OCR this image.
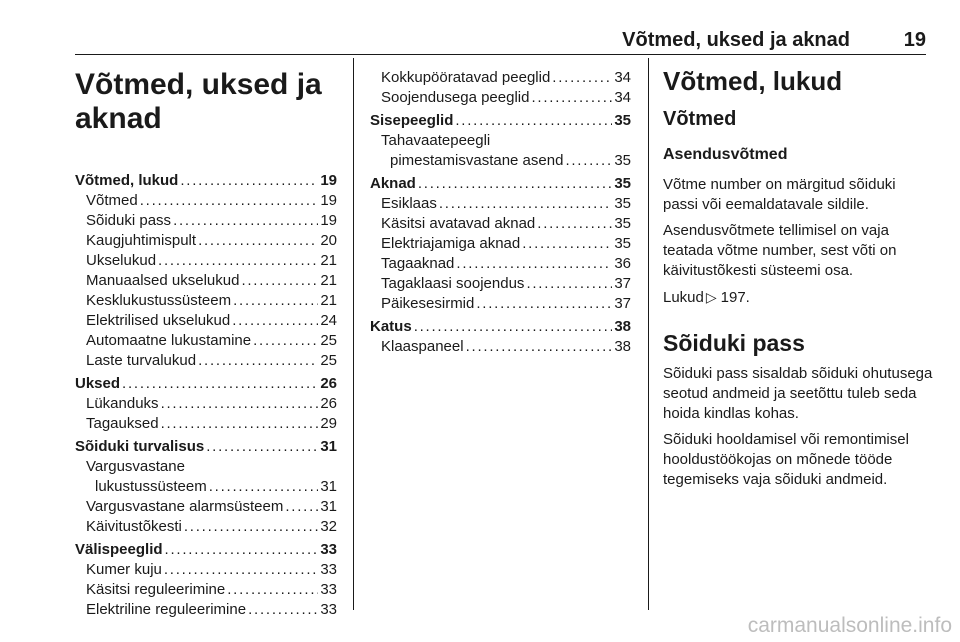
Võtmed, uksed ja aknad	19
Võtmed, uksed ja
aknad
Võtmed, lukud . . .	19
Võtmed . . .	19
Sõiduki pass . . .	19
Kaugjuhtimispult . . .	20
Ukselukud . . .	21
Manuaalsed ukselukud . . .	21
Kesklukustussüsteem . . .	21
Elektrilised ukselukud . . .	24
Automaatne lukustamine . . .	25
Laste turvalukud . . .	25
Uksed . . .	26
Lükanduks . . .	26
Tagauksed . . .	29
Sõiduki turvalisus . . .	31
Vargusvastane
lukustussüsteem . . .	31
Vargusvastane alarmsüsteem . . . 31
Käivitustõkesti . . .	32
Välispeeglid . . .	33
Kumer kuju . . .	33
Käsitsi reguleerimine . . .	33
Elektriline reguleerimine . . .	33
Kokkupööratavad peeglid . . .	34
Soojendusega peeglid . . .	34
Sisepeeglid . . .	35
Tahavaatepeegli
pimestamisvastane asend . . .	35
Aknad . . .	35
Esiklaas . . .	35
Käsitsi avatavad aknad . . .	35
Elektriajamiga aknad . . .	35
Tagaaknad . . .	36
Tagaklaasi soojendus . . .	37
Päikesesirmid . . .	37
Katus . . .	38
Klaaspaneel . . .	38
Võtmed, lukud
Võtmed
Asendusvõtmed

Võtme number on märgitud sõiduki passi või eemaldatavale sildile.

Asendusvõtmete tellimisel on vaja teatada võtme number, sest võti on käivitustõkesti süsteemi osa.

Lukud ▷ 197.

Sõiduki pass

Sõiduki pass sisaldab sõiduki ohutusega seotud andmeid ja seetõttu tuleb seda hoida kindlas kohas.

Sõiduki hooldamisel või remontimisel hooldustöökojas on mõnede tööde tegemiseks vaja sõiduki andmeid.

carmanualsonline.info
